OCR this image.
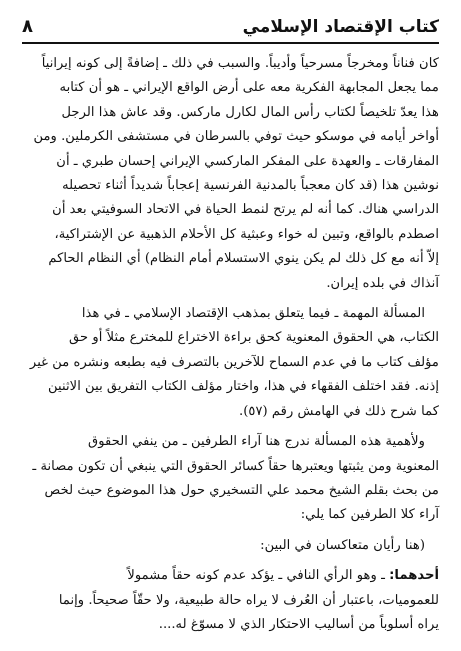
كتاب الإقتصاد الإسلامي
٨

كان فناناً ومخرجاً مسرحياً وأديباً. والسبب في ذلك ـ إضافةً إلى كونه إيرانياً
مما يجعل المجابهة الفكرية معه على أرض الواقع الإيراني ـ هو أن كتابه
هذا يعدّ تلخيصاً لكتاب رأس المال لكارل ماركس. وقد عاش هذا الرجل
أواخر أيامه في موسكو حيث توفي بالسرطان في مستشفى الكرملين. ومن
المفارقات ـ والعهدة على المفكر الماركسي الإيراني إحسان طبري ـ أن
نوشين هذا (قد كان معجباً بالمدنية الفرنسية إعجاباً شديداً أثناء تحصيله
الدراسي هناك. كما أنه لم يرتح لنمط الحياة في الاتحاد السوفيتي بعد أن
اصطدم بالواقع، وتبين له خواء وعبثية كل الأحلام الذهبية عن الإشتراكية،
إلاّ أنه مع كل ذلك لم يكن ينوي الاستسلام أمام النظام) أي النظام الحاكم
آنذاك في بلده إيران.

المسألة المهمة ـ فيما يتعلق بمذهب الإقتصاد الإسلامي ـ في هذا
الكتاب، هي الحقوق المعنوية كحق براءة الاختراع للمخترع مثلاً أو حق
مؤلف كتاب ما في عدم السماح للآخرين بالتصرف فيه بطبعه ونشره من غير
إذنه. فقد اختلف الفقهاء في هذا، واختار مؤلف الكتاب التفريق بين الاثنين
كما شرح ذلك في الهامش رقم (٥٧).

ولأهمية هذه المسألة ندرج هنا آراء الطرفين ـ من ينفي الحقوق
المعنوية ومن يثبتها ويعتبرها حقاً كسائر الحقوق التي ينبغي أن تكون مصانة ـ
من بحث بقلم الشيخ محمد علي التسخيري حول هذا الموضوع حيث لخص
آراء كلا الطرفين كما يلي:

(هنا رأيان متعاكسان في البين:

أحدهما: ـ وهو الرأي النافي ـ يؤكد عدم كونه حقاً مشمولاً
للعموميات، باعتبار أن العُرف لا يراه حالة طبيعية، ولا حقّاً صحيحاً. وإنما
يراه أسلوباً من أساليب الاحتكار الذي لا مسوّغ له....
